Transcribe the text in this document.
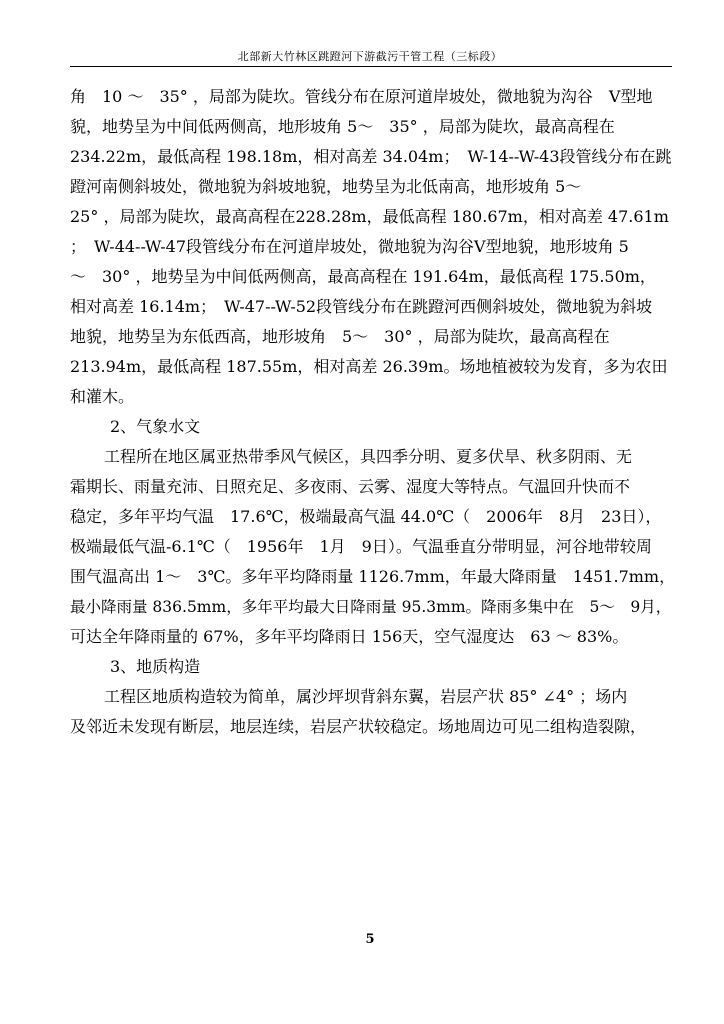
北部新大竹林区跳蹬河下游截污干管工程（三标段）
角　10 ～　35° ，局部为陡坎。管线分布在原河道岸坡处，微地貌为沟谷　V型地
貌，地势呈为中间低两侧高，地形坡角 5～　35° ，局部为陡坎，最高高程在
234.22m，最低高程 198.18m，相对高差 34.04m；　W-14--W-43段管线分布在跳
蹬河南侧斜坡处，微地貌为斜坡地貌，地势呈为北低南高，地形坡角 5～
25° ，局部为陡坎，最高高程在228.28m，最低高程 180.67m，相对高差 47.61m
；　W-44--W-47段管线分布在河道岸坡处，微地貌为沟谷V型地貌，地形坡角 5
～　30° ，地势呈为中间低两侧高，最高高程在 191.64m，最低高程 175.50m，
相对高差 16.14m；　W-47--W-52段管线分布在跳蹬河西侧斜坡处，微地貌为斜坡
地貌，地势呈为东低西高，地形坡角　5～　30° ，局部为陡坎，最高高程在
213.94m，最低高程 187.55m，相对高差 26.39m。场地植被较为发育，多为农田
和灌木。
2、气象水文
工程所在地区属亚热带季风气候区，具四季分明、夏多伏旱、秋多阴雨、无
霜期长、雨量充沛、日照充足、多夜雨、云雾、湿度大等特点。气温回升快而不
稳定，多年平均气温　17.6℃，极端最高气温 44.0℃（　2006年　8月　23日），
极端最低气温-6.1℃（　1956年　1月　9日）。气温垂直分带明显，河谷地带较周
围气温高出 1～　3℃。多年平均降雨量 1126.7mm，年最大降雨量　1451.7mm，
最小降雨量 836.5mm，多年平均最大日降雨量 95.3mm。降雨多集中在　5～　9月，
可达全年降雨量的 67%，多年平均降雨日 156天，空气湿度达　63 ～ 83%。
3、地质构造
工程区地质构造较为简单，属沙坪坝背斜东翼，岩层产状 85° ∠4° ；场内
及邻近未发现有断层，地层连续，岩层产状较稳定。场地周边可见二组构造裂隙，
5
